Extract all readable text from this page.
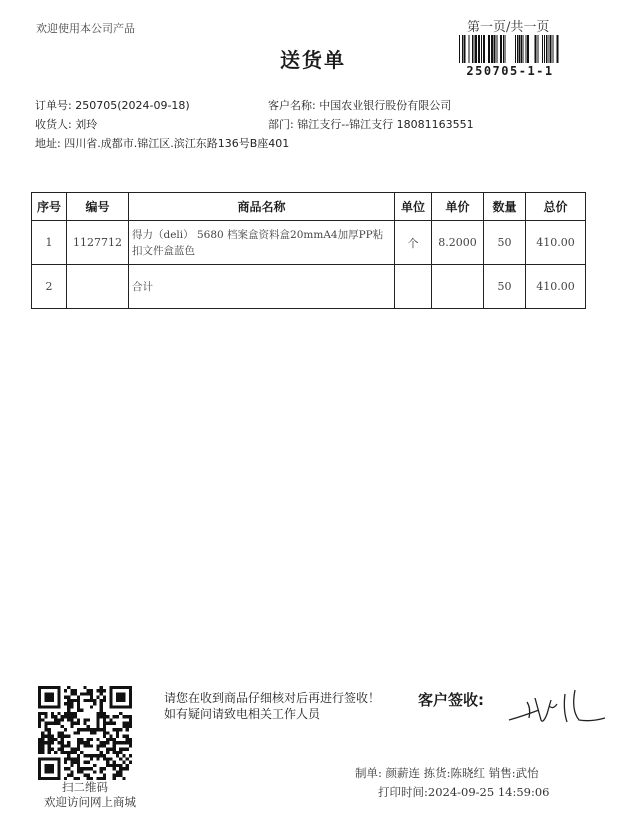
欢迎使用本公司产品	第一页/共一页
送货单	250705-1-1
订单号: 250705(2024-09-18)	客户名称: 中国农业银行股份有限公司
收货人: 刘玲	部门: 锦江支行--锦江支行 18081163551
地址: 四川省.成都市.锦江区.滨江东路136号B座401
序号	编号	商品名称	单位	单价	数量	总价
1	1127712	得力（deli） 5680 档案盒资料盒20mmA4加厚PP粘扣文件盒蓝色	个	8.2000	50	410.00
2		合计			50	410.00
扫二维码
欢迎访问网上商城
请您在收到商品仔细核对后再进行签收！如有疑问请致电相关工作人员
客户签收:
制单: 颜薪连 拣货:陈晓红 销售:武怡
打印时间:2024-09-25 14:59:06
